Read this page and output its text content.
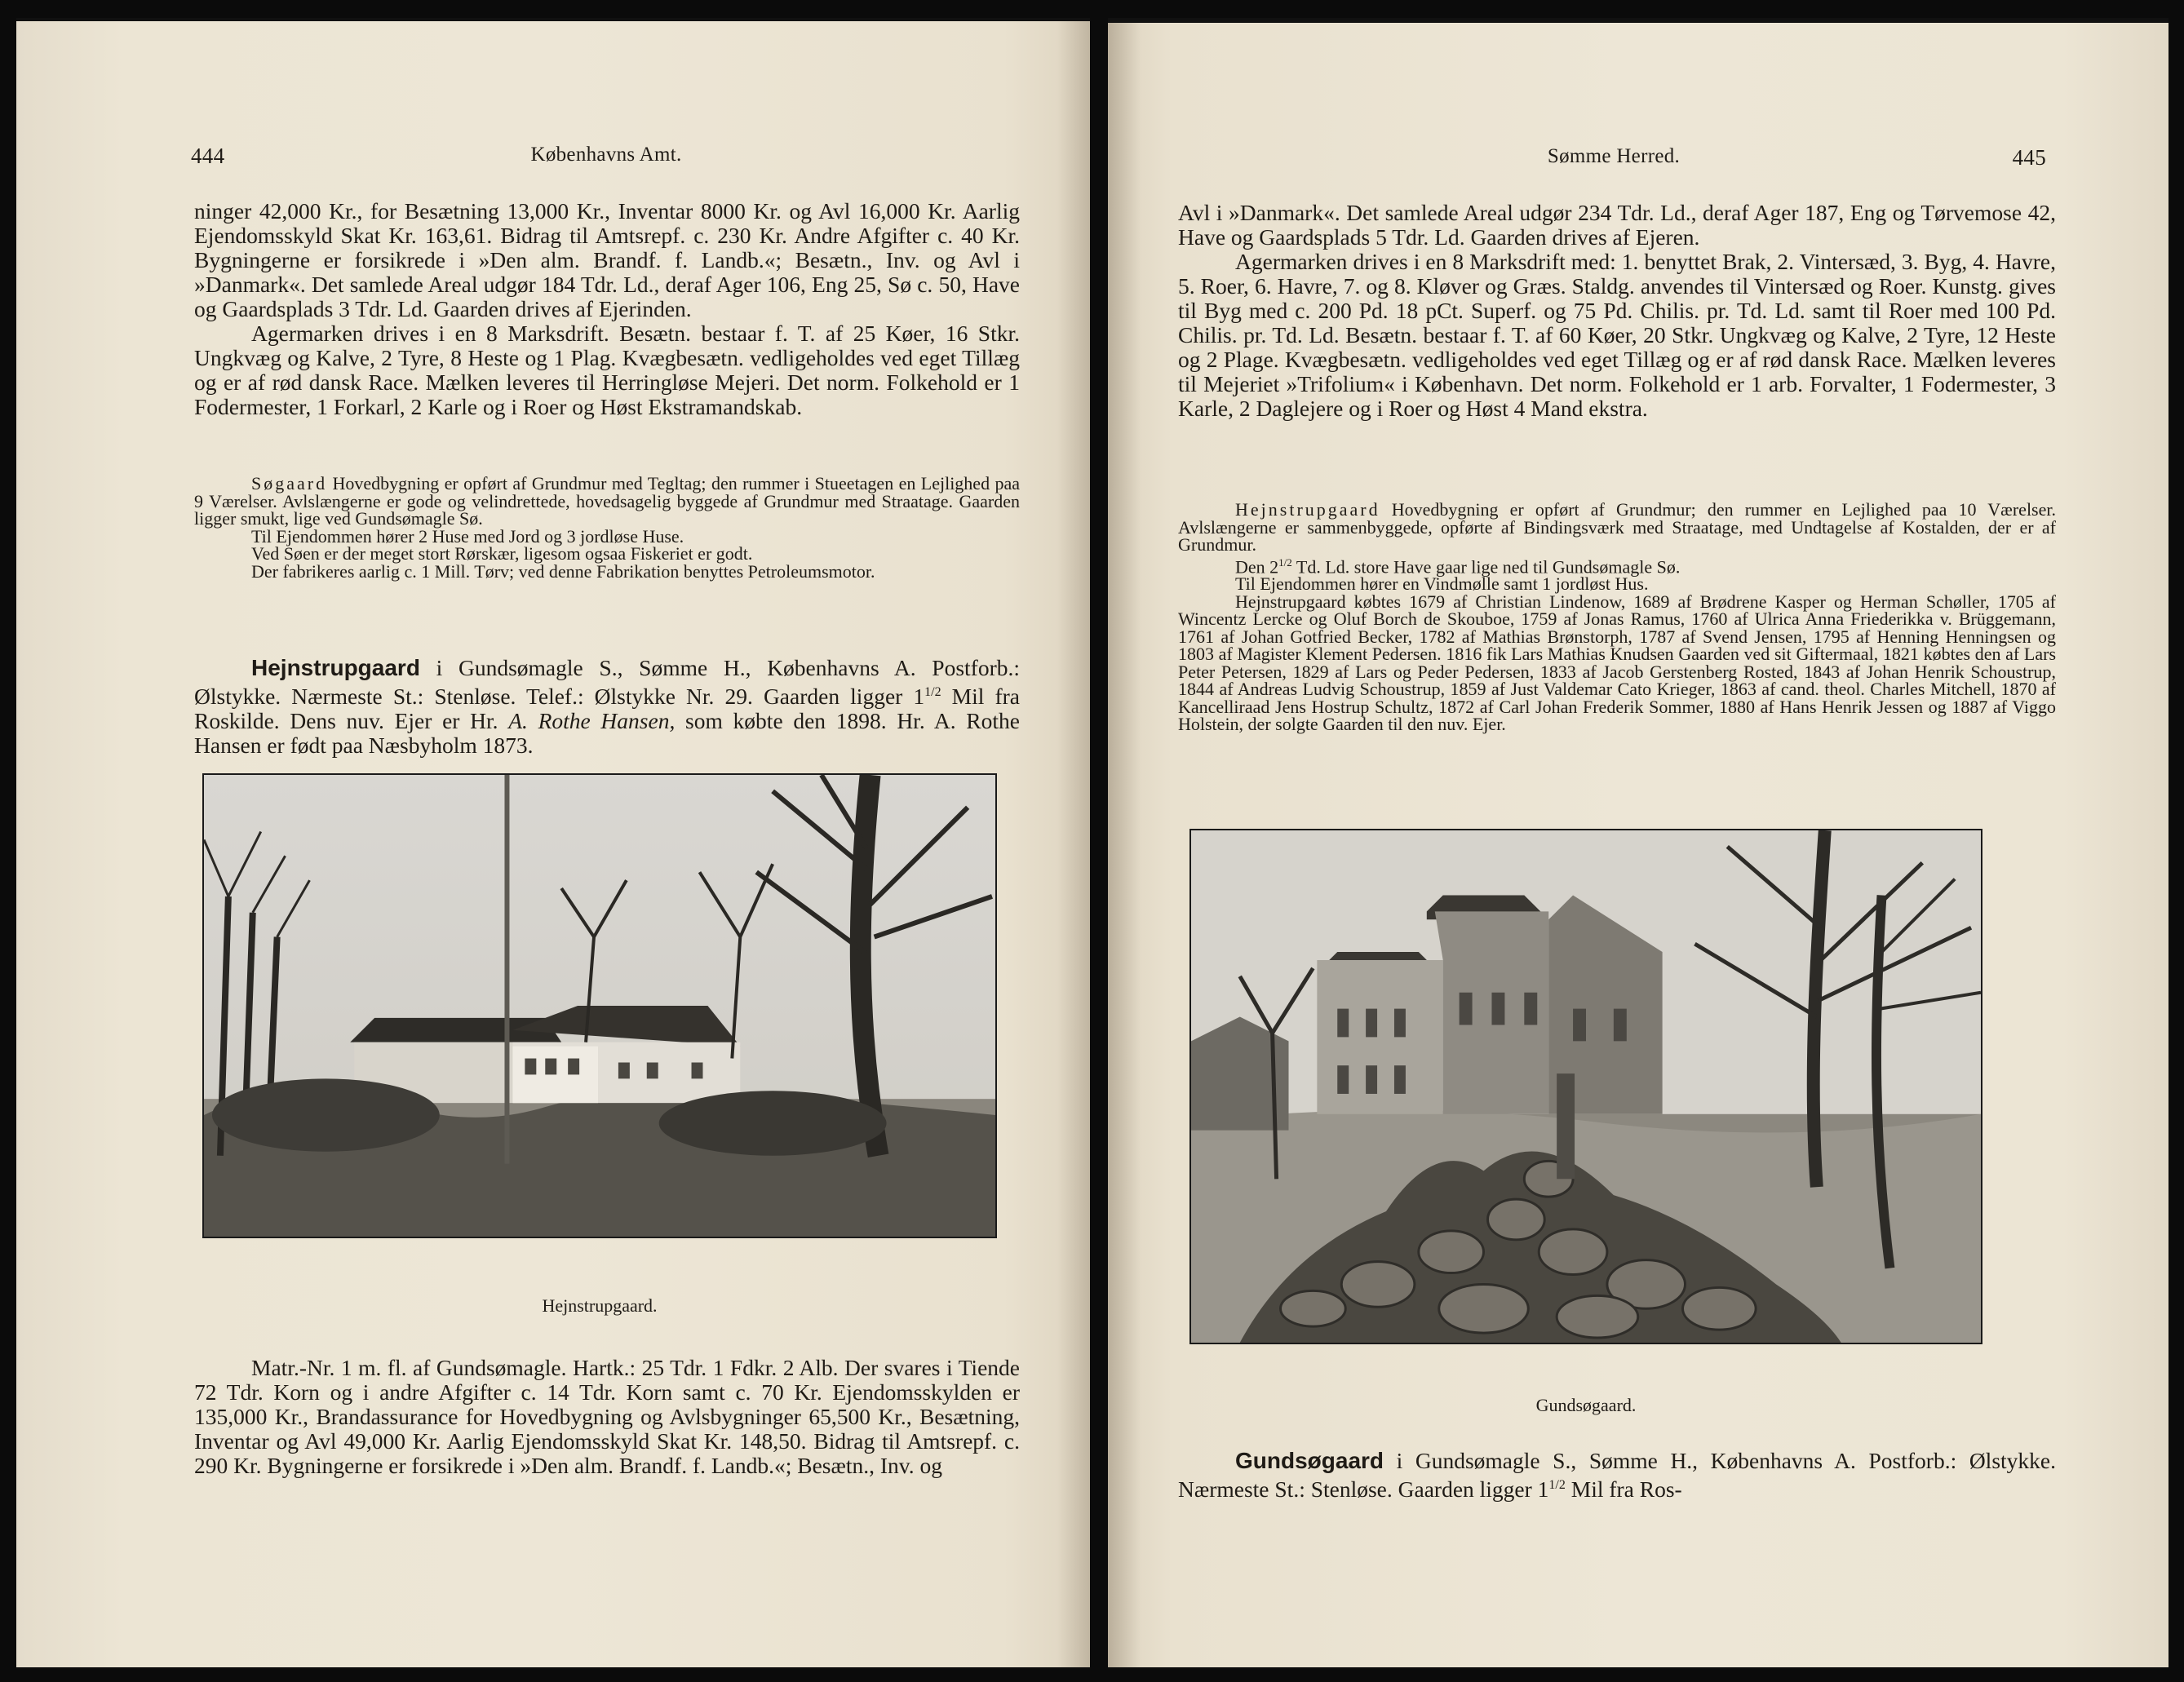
444	Københavns Amt.

ninger 42,000 Kr., for Besætning 13,000 Kr., Inventar 8000 Kr. og Avl 16,000 Kr. Aarlig Ejendomsskyld Skat Kr. 163,61. Bidrag til Amtsrepf. c. 230 Kr. Andre Afgifter c. 40 Kr. Bygningerne er forsikrede i »Den alm. Brandf. f. Landb.«; Besætn., Inv. og Avl i »Danmark«. Det samlede Areal udgør 184 Tdr. Ld., deraf Ager 106, Eng 25, Sø c. 50, Have og Gaardsplads 3 Tdr. Ld. Gaarden drives af Ejerinden.

Agermarken drives i en 8 Marksdrift. Besætn. bestaar f. T. af 25 Køer, 16 Stkr. Ungkvæg og Kalve, 2 Tyre, 8 Heste og 1 Plag. Kvægbesætn. vedligeholdes ved eget Tillæg og er af rød dansk Race. Mælken leveres til Herringløse Mejeri. Det norm. Folkehold er 1 Fodermester, 1 Forkarl, 2 Karle og i Roer og Høst Ekstramandskab.

Søgaard Hovedbygning er opført af Grundmur med Tegltag; den rummer i Stueetagen en Lejlighed paa 9 Værelser. Avlslængerne er gode og velindrettede, hovedsagelig byggede af Grundmur med Straatage. Gaarden ligger smukt, lige ved Gundsømagle Sø.

Til Ejendommen hører 2 Huse med Jord og 3 jordløse Huse.

Ved Søen er der meget stort Rørskær, ligesom ogsaa Fiskeriet er godt.

Der fabrikeres aarlig c. 1 Mill. Tørv; ved denne Fabrikation benyttes Petroleumsmotor.

Hejnstrupgaard i Gundsømagle S., Sømme H., Københavns A. Postforb.: Ølstykke. Nærmeste St.: Stenløse. Telef.: Ølstykke Nr. 29. Gaarden ligger $1^{1/2}$ Mil fra Roskilde. Dens nuv. Ejer er Hr. A. Rothe Hansen, som købte den 1898. Hr. A. Rothe Hansen er født paa Næsbyholm 1873.

Hejnstrupgaard.

Matr.-Nr. 1 m. fl. af Gundsømagle. Hartk.: 25 Tdr. 1 Fdkr. 2 Alb. Der svares i Tiende 72 Tdr. Korn og i andre Afgifter c. 14 Tdr. Korn samt c. 70 Kr. Ejendomsskylden er 135,000 Kr., Brandassurance for Hovedbygning og Avlsbygninger 65,500 Kr., Besætning, Inventar og Avl 49,000 Kr. Aarlig Ejendomsskyld Skat Kr. 148,50. Bidrag til Amtsrepf. c. 290 Kr. Bygningerne er forsikrede i »Den alm. Brandf. f. Landb.«; Besætn., Inv. og

Sømme Herred.	445

Avl i »Danmark«. Det samlede Areal udgør 234 Tdr. Ld., deraf Ager 187, Eng og Tørvemose 42, Have og Gaardsplads 5 Tdr. Ld. Gaarden drives af Ejeren.

Agermarken drives i en 8 Marksdrift med: 1. benyttet Brak, 2. Vintersæd, 3. Byg, 4. Havre, 5. Roer, 6. Havre, 7. og 8. Kløver og Græs. Staldg. anvendes til Vintersæd og Roer. Kunstg. gives til Byg med c. 200 Pd. 18 pCt. Superf. og 75 Pd. Chilis. pr. Td. Ld. samt til Roer med 100 Pd. Chilis. pr. Td. Ld. Besætn. bestaar f. T. af 60 Køer, 20 Stkr. Ungkvæg og Kalve, 2 Tyre, 12 Heste og 2 Plage. Kvægbesætn. vedligeholdes ved eget Tillæg og er af rød dansk Race. Mælken leveres til Mejeriet »Trifolium« i København. Det norm. Folkehold er 1 arb. Forvalter, 1 Fodermester, 3 Karle, 2 Daglejere og i Roer og Høst 4 Mand ekstra.

Hejnstrupgaard Hovedbygning er opført af Grundmur; den rummer en Lejlighed paa 10 Værelser. Avlslængerne er sammenbyggede, opførte af Bindingsværk med Straatage, med Undtagelse af Kostalden, der er af Grundmur.

Den $2^{1/2}$ Td. Ld. store Have gaar lige ned til Gundsømagle Sø.

Til Ejendommen hører en Vindmølle samt 1 jordløst Hus.

Hejnstrupgaard købtes 1679 af Christian Lindenow, 1689 af Brødrene Kasper og Herman Schøller, 1705 af Wincentz Lercke og Oluf Borch de Skouboe, 1759 af Jonas Ramus, 1760 af Ulrica Anna Friederikka v. Brüggemann, 1761 af Johan Gotfried Becker, 1782 af Mathias Brønstorph, 1787 af Svend Jensen, 1795 af Henning Henningsen og 1803 af Magister Klement Pedersen. 1816 fik Lars Mathias Knudsen Gaarden ved sit Giftermaal, 1821 købtes den af Lars Peter Petersen, 1829 af Lars og Peder Pedersen, 1833 af Jacob Gerstenberg Rosted, 1843 af Johan Henrik Schoustrup, 1844 af Andreas Ludvig Schoustrup, 1859 af Just Valdemar Cato Krieger, 1863 af cand. theol. Charles Mitchell, 1870 af Kancelliraad Jens Hostrup Schultz, 1872 af Carl Johan Frederik Sommer, 1880 af Hans Henrik Jessen og 1887 af Viggo Holstein, der solgte Gaarden til den nuv. Ejer.

Gundsøgaard.

Gundsøgaard i Gundsømagle S., Sømme H., Københavns A. Postforb.: Ølstykke. Nærmeste St.: Stenløse. Gaarden ligger $1^{1/2}$ Mil fra Ros-
